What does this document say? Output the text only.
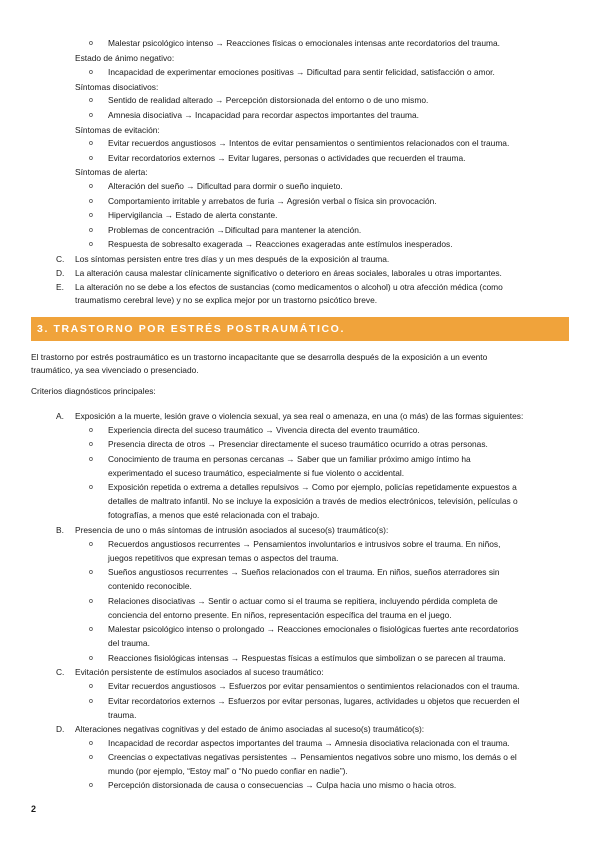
o	Malestar psicológico intenso → Reacciones físicas o emocionales intensas ante recordatorios del trauma.
Estado de ánimo negativo:
o	Incapacidad de experimentar emociones positivas → Dificultad para sentir felicidad, satisfacción o amor.
Síntomas disociativos:
o	Sentido de realidad alterado → Percepción distorsionada del entorno o de uno mismo.
o	Amnesia disociativa → Incapacidad para recordar aspectos importantes del trauma.
Síntomas de evitación:
o	Evitar recuerdos angustiosos → Intentos de evitar pensamientos o sentimientos relacionados con el trauma.
o	Evitar recordatorios externos → Evitar lugares, personas o actividades que recuerden el trauma.
Síntomas de alerta:
o	Alteración del sueño → Dificultad para dormir o sueño inquieto.
o	Comportamiento irritable y arrebatos de furia → Agresión verbal o física sin provocación.
o	Hipervigilancia → Estado de alerta constante.
o	Problemas de concentración →Dificultad para mantener la atención.
o	Respuesta de sobresalto exagerada → Reacciones exageradas ante estímulos inesperados.
C. Los síntomas persisten entre tres días y un mes después de la exposición al trauma.
D. La alteración causa malestar clínicamente significativo o deterioro en áreas sociales, laborales u otras importantes.
E. La alteración no se debe a los efectos de sustancias (como medicamentos o alcohol) u otra afección médica (como
traumatismo cerebral leve) y no se explica mejor por un trastorno psicótico breve.
3. TRASTORNO POR ESTRÉS POSTRAUMÁTICO.
El trastorno por estrés postraumático es un trastorno incapacitante que se desarrolla después de la exposición a un evento
traumático, ya sea vivenciado o presenciado.
Criterios diagnósticos principales:
A. Exposición a la muerte, lesión grave o violencia sexual, ya sea real o amenaza, en una (o más) de las formas siguientes:
o	Experiencia directa del suceso traumático → Vivencia directa del evento traumático.
o	Presencia directa de otros → Presenciar directamente el suceso traumático ocurrido a otras personas.
o	Conocimiento de trauma en personas cercanas → Saber que un familiar próximo amigo íntimo ha
experimentado el suceso traumático, especialmente si fue violento o accidental.
o	Exposición repetida o extrema a detalles repulsivos → Como por ejemplo, policías repetidamente expuestos a
detalles de maltrato infantil. No se incluye la exposición a través de medios electrónicos, televisión, películas o
fotografías, a menos que esté relacionada con el trabajo.
B. Presencia de uno o más síntomas de intrusión asociados al suceso(s) traumático(s):
o	Recuerdos angustiosos recurrentes → Pensamientos involuntarios e intrusivos sobre el trauma. En niños,
juegos repetitivos que expresan temas o aspectos del trauma.
o	Sueños angustiosos recurrentes → Sueños relacionados con el trauma. En niños, sueños aterradores sin
contenido reconocible.
o	Relaciones disociativas → Sentir o actuar como si el trauma se repitiera, incluyendo pérdida completa de
conciencia del entorno presente. En niños, representación específica del trauma en el juego.
o	Malestar psicológico intenso o prolongado → Reacciones emocionales o fisiológicas fuertes ante recordatorios
del trauma.
o	Reacciones fisiológicas intensas → Respuestas físicas a estímulos que simbolizan o se parecen al trauma.
C. Evitación persistente de estímulos asociados al suceso traumático:
o	Evitar recuerdos angustiosos → Esfuerzos por evitar pensamientos o sentimientos relacionados con el trauma.
o	Evitar recordatorios externos → Esfuerzos por evitar personas, lugares, actividades u objetos que recuerden el
trauma.
D. Alteraciones negativas cognitivas y del estado de ánimo asociadas al suceso(s) traumático(s):
o	Incapacidad de recordar aspectos importantes del trauma → Amnesia disociativa relacionada con el trauma.
o	Creencias o expectativas negativas persistentes → Pensamientos negativos sobre uno mismo, los demás o el
mundo (por ejemplo, “Estoy mal” o “No puedo confiar en nadie”).
o	Percepción distorsionada de causa o consecuencias → Culpa hacia uno mismo o hacia otros.
2
